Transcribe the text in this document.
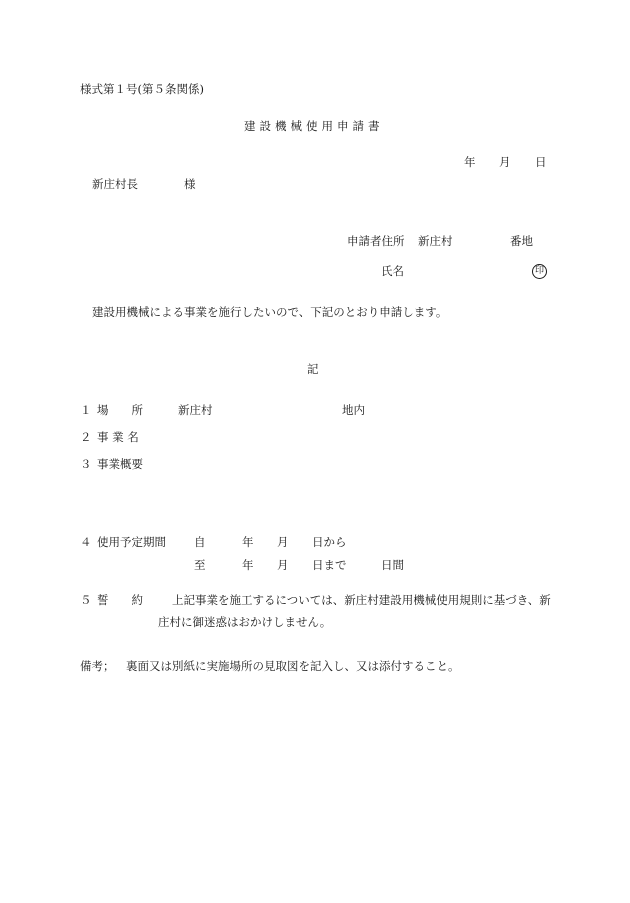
様式第１号(第５条関係)
建設機械使用申請書
年 月 日
新庄村長	様
申請者住所 新庄村	番地
氏名	印
建設用機械による事業を施行したいので、下記のとおり申請します。
記
１ 場　　所	新庄村	地内
２ 事 業 名
３ 事業概要
４ 使用予定期間 自	年 月 日から
至	年 月 日まで	日間
５ 誓　　約	上記事業を施工するについては、新庄村建設用機械使用規則に基づき、新
庄村に御迷惑はおかけしません。
備考； 裏面又は別紙に実施場所の見取図を記入し、又は添付すること。
